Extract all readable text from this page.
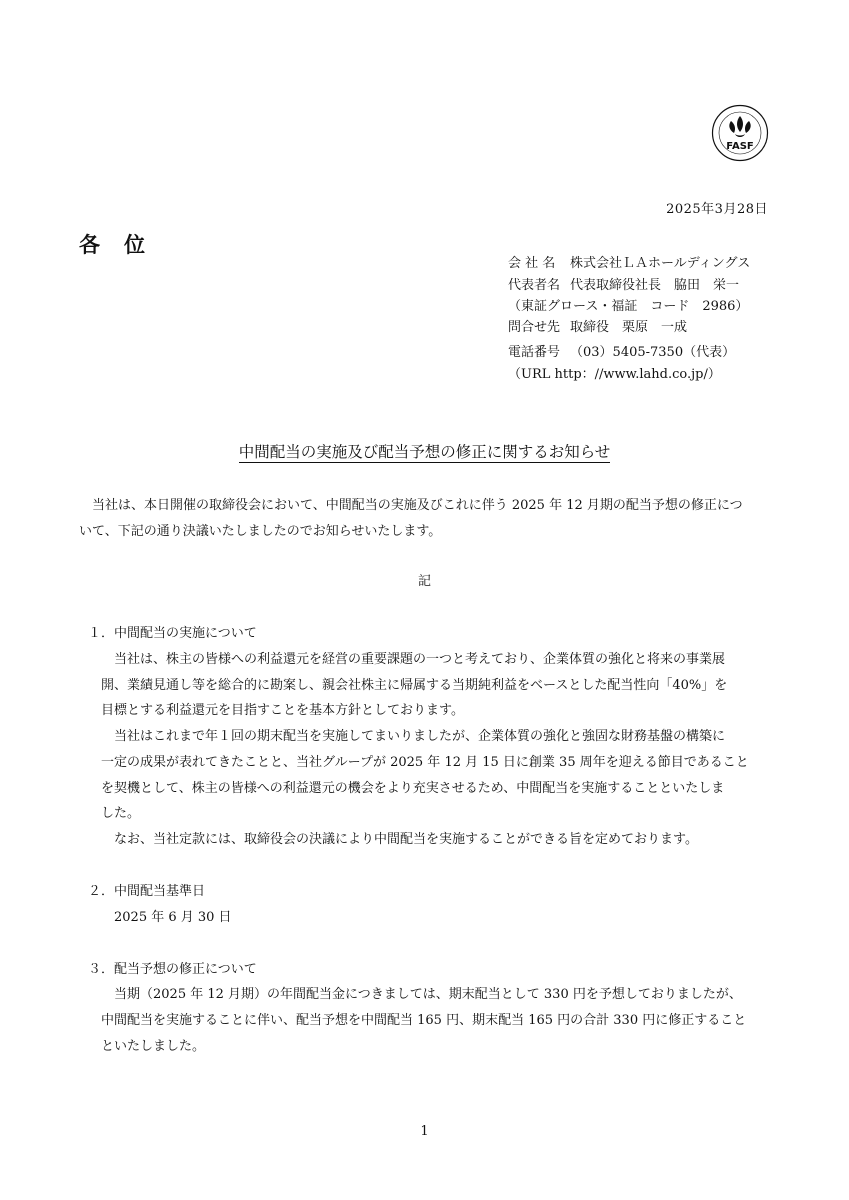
FASF
2025年3月28日
各位
会 社 名 株式会社ＬＡホールディングス
代表者名 代表取締役社長　脇田　栄一
（東証グロース・福証　コード　2986）
問合せ先 取締役　栗原　一成
電話番号 （03）5405-7350（代表）
（URL http：//www.lahd.co.jp/）
中間配当の実施及び配当予想の修正に関するお知らせ
　当社は、本日開催の取締役会において、中間配当の実施及びこれに伴う 2025 年 12 月期の配当予想の修正につ
いて、下記の通り決議いたしましたのでお知らせいたします。
記
１．中間配当の実施について
　当社は、株主の皆様への利益還元を経営の重要課題の一つと考えており、企業体質の強化と将来の事業展
開、業績見通し等を総合的に勘案し、親会社株主に帰属する当期純利益をベースとした配当性向「40%」を
目標とする利益還元を目指すことを基本方針としております。
　当社はこれまで年１回の期末配当を実施してまいりましたが、企業体質の強化と強固な財務基盤の構築に
一定の成果が表れてきたことと、当社グループが 2025 年 12 月 15 日に創業 35 周年を迎える節目であること
を契機として、株主の皆様への利益還元の機会をより充実させるため、中間配当を実施することといたしま
した。
　なお、当社定款には、取締役会の決議により中間配当を実施することができる旨を定めております。
２．中間配当基準日
2025 年 6 月 30 日
３．配当予想の修正について
　当期（2025 年 12 月期）の年間配当金につきましては、期末配当として 330 円を予想しておりましたが、
中間配当を実施することに伴い、配当予想を中間配当 165 円、期末配当 165 円の合計 330 円に修正すること
といたしました。
1
